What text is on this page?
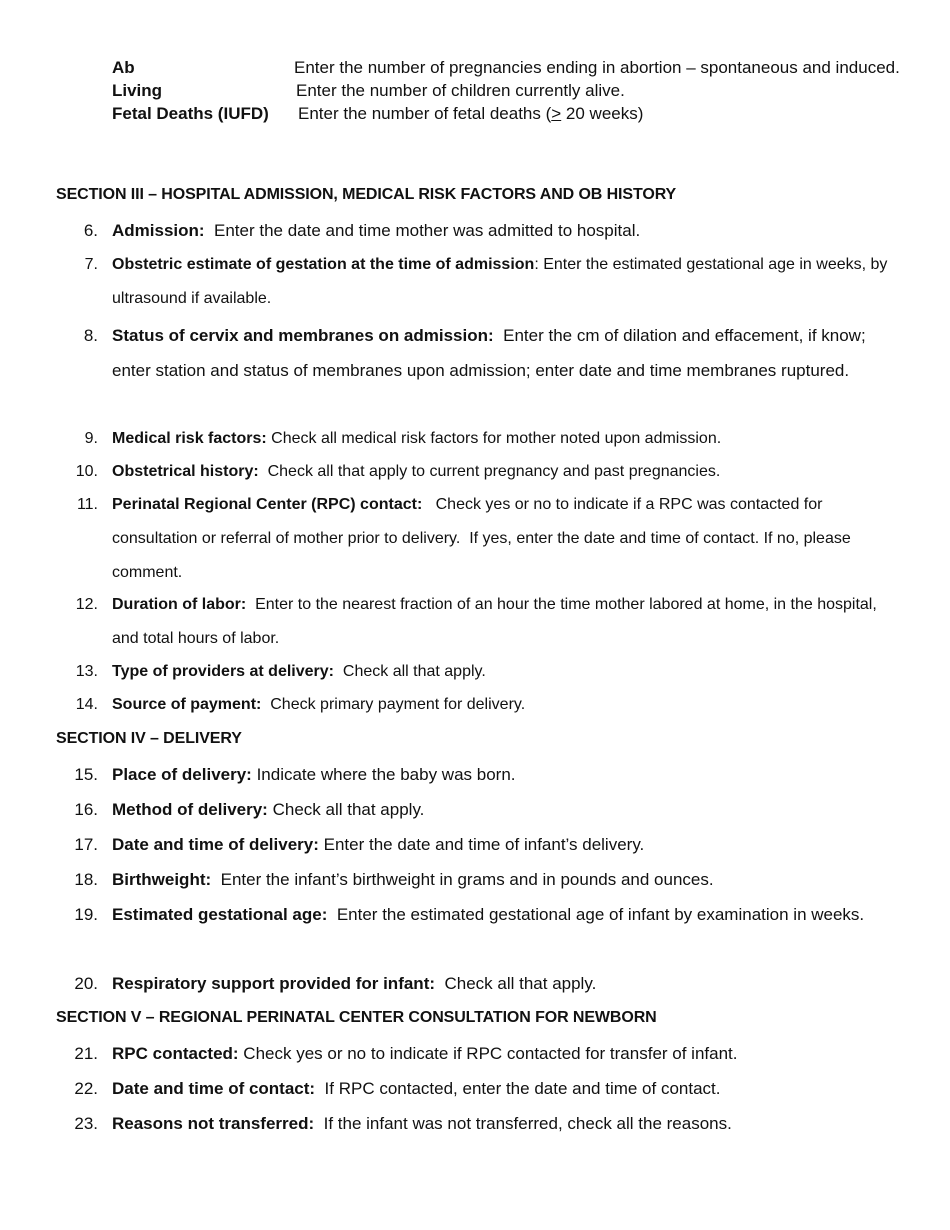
Ab	Enter the number of pregnancies ending in abortion – spontaneous and induced.
Living	Enter the number of children currently alive.
Fetal Deaths (IUFD)	Enter the number of fetal deaths (≥ 20 weeks)
SECTION III – HOSPITAL ADMISSION, MEDICAL RISK FACTORS AND OB HISTORY
6. Admission:  Enter the date and time mother was admitted to hospital.
7. Obstetric estimate of gestation at the time of admission: Enter the estimated gestational age in weeks, by ultrasound if available.
8. Status of cervix and membranes on admission:  Enter the cm of dilation and effacement, if know; enter station and status of membranes upon admission; enter date and time membranes ruptured.
9. Medical risk factors: Check all medical risk factors for mother noted upon admission.
10. Obstetrical history:  Check all that apply to current pregnancy and past pregnancies.
11. Perinatal Regional Center (RPC) contact:   Check yes or no to indicate if a RPC was contacted for consultation or referral of mother prior to delivery.  If yes, enter the date and time of contact. If no, please comment.
12. Duration of labor:  Enter to the nearest fraction of an hour the time mother labored at home, in the hospital, and total hours of labor.
13. Type of providers at delivery:  Check all that apply.
14. Source of payment:  Check primary payment for delivery.
SECTION IV – DELIVERY
15. Place of delivery: Indicate where the baby was born.
16. Method of delivery: Check all that apply.
17. Date and time of delivery: Enter the date and time of infant’s delivery.
18. Birthweight:  Enter the infant’s birthweight in grams and in pounds and ounces.
19. Estimated gestational age:  Enter the estimated gestational age of infant by examination in weeks.
20. Respiratory support provided for infant:  Check all that apply.
SECTION V – REGIONAL PERINATAL CENTER CONSULTATION FOR NEWBORN
21. RPC contacted: Check yes or no to indicate if RPC contacted for transfer of infant.
22. Date and time of contact:  If RPC contacted, enter the date and time of contact.
23. Reasons not transferred:  If the infant was not transferred, check all the reasons.
